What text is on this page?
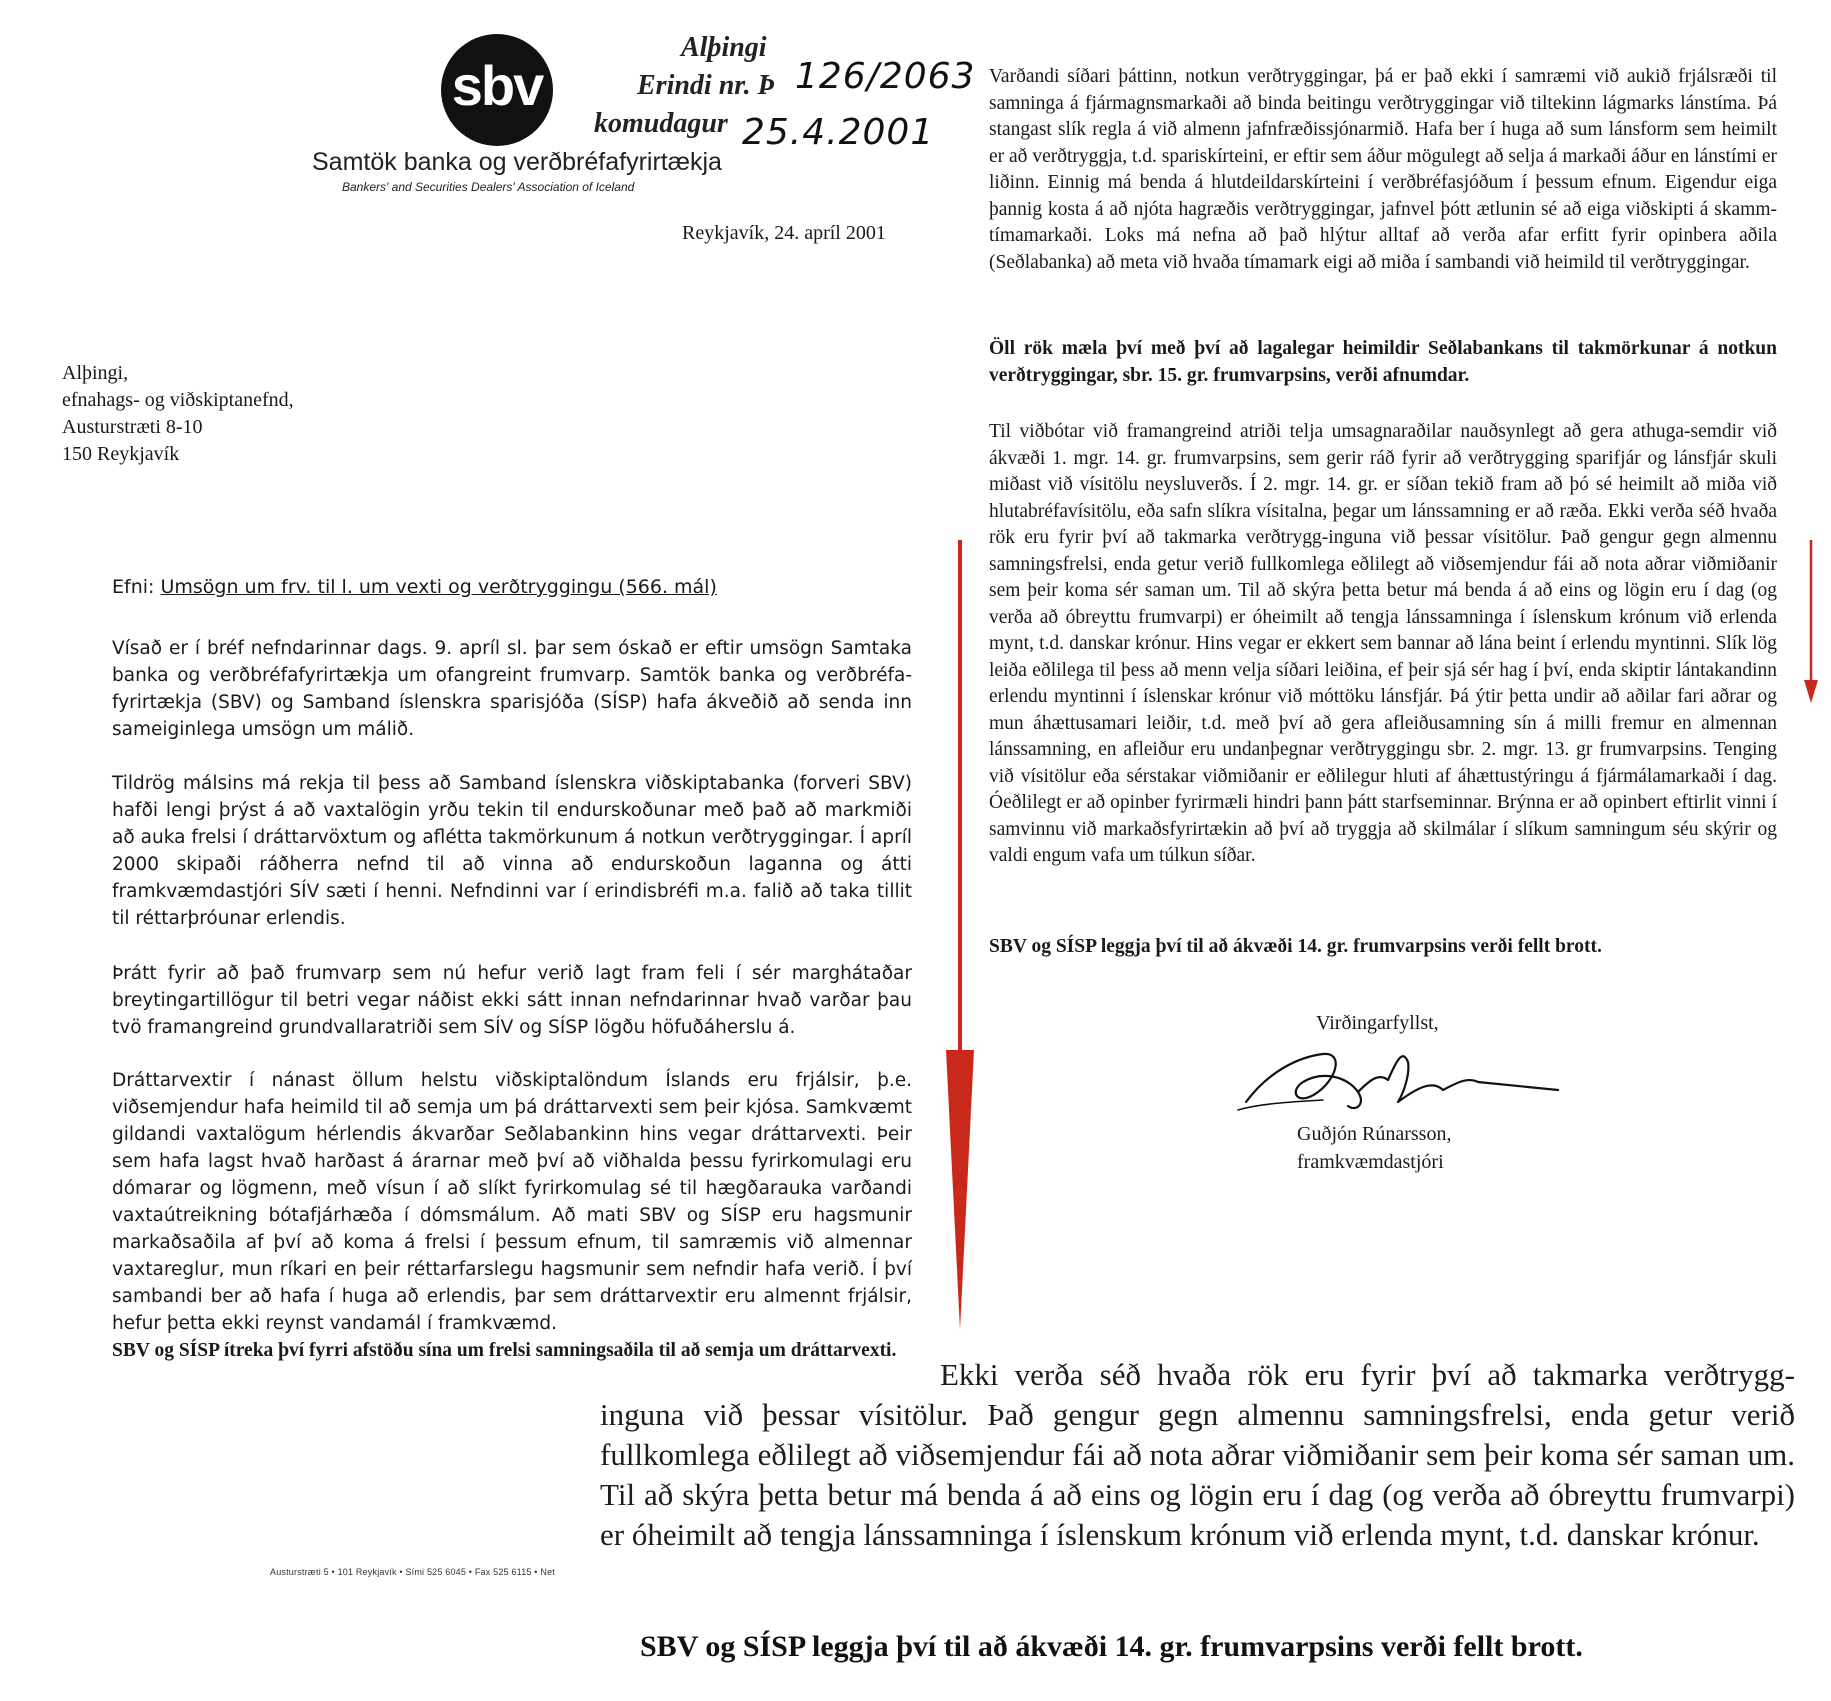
sbv
Samtök banka og verðbréfafyrirtækja
Bankers' and Securities Dealers' Association of Iceland
Alþingi
Erindi nr. Þ
komudagur
126/2063
25.4.2001
Reykjavík, 24. apríl 2001
Alþingi,
efnahags- og viðskiptanefnd,
Austurstræti 8-10
150 Reykjavík
Efni: Umsögn um frv. til l. um vexti og verðtryggingu (566. mál)

Vísað er í bréf nefndarinnar dags. 9. apríl sl. þar sem óskað er eftir umsögn Samtaka banka og verðbréfafyrirtækja um ofangreint frumvarp. Samtök banka og verðbréfa-fyrirtækja (SBV) og Samband íslenskra sparisjóða (SÍSP) hafa ákveðið að senda inn sameiginlega umsögn um málið.

Tildrög málsins má rekja til þess að Samband íslenskra viðskiptabanka (forveri SBV) hafði lengi þrýst á að vaxtalögin yrðu tekin til endurskoðunar með það að markmiði að auka frelsi í dráttarvöxtum og aflétta takmörkunum á notkun verðtryggingar. Í apríl 2000 skipaði ráðherra nefnd til að vinna að endurskoðun laganna og átti framkvæmdastjóri SÍV sæti í henni. Nefndinni var í erindisbréfi m.a. falið að taka tillit til réttarþróunar erlendis.

Þrátt fyrir að það frumvarp sem nú hefur verið lagt fram feli í sér marghátaðar breytingartillögur til betri vegar náðist ekki sátt innan nefndarinnar hvað varðar þau tvö framangreind grundvallaratriði sem SÍV og SÍSP lögðu höfuðáherslu á.

Dráttarvextir í nánast öllum helstu viðskiptalöndum Íslands eru frjálsir, þ.e. viðsemjendur hafa heimild til að semja um þá dráttarvexti sem þeir kjósa. Samkvæmt gildandi vaxtalögum hérlendis ákvarðar Seðlabankinn hins vegar dráttarvexti. Þeir sem hafa lagst hvað harðast á árarnar með því að viðhalda þessu fyrirkomulagi eru dómarar og lögmenn, með vísun í að slíkt fyrirkomulag sé til hægðarauka varðandi vaxtaútreikning bótafjárhæða í dómsmálum. Að mati SBV og SÍSP eru hagsmunir markaðsaðila af því að koma á frelsi í þessum efnum, til samræmis við almennar vaxtareglur, mun ríkari en þeir réttarfarslegu hagsmunir sem nefndir hafa verið. Í því sambandi ber að hafa í huga að erlendis, þar sem dráttarvextir eru almennt frjálsir, hefur þetta ekki reynst vandamál í framkvæmd.

SBV og SÍSP ítreka því fyrri afstöðu sína um frelsi samningsaðila til að semja um dráttarvexti.

Varðandi síðari þáttinn, notkun verðtryggingar, þá er það ekki í samræmi við aukið frjálsræði til samninga á fjármagnsmarkaði að binda beitingu verðtryggingar við tiltekinn lágmarks lánstíma. Þá stangast slík regla á við almenn jafnfræðissjónarmið. Hafa ber í huga að sum lánsform sem heimilt er að verðtryggja, t.d. spariskírteini, er eftir sem áður mögulegt að selja á markaði áður en lánstími er liðinn. Einnig má benda á hlutdeildarskírteini í verðbréfasjóðum í þessum efnum. Eigendur eiga þannig kosta á að njóta hagræðis verðtryggingar, jafnvel þótt ætlunin sé að eiga viðskipti á skamm-tímamarkaði. Loks má nefna að það hlýtur alltaf að verða afar erfitt fyrir opinbera aðila (Seðlabanka) að meta við hvaða tímamark eigi að miða í sambandi við heimild til verðtryggingar.

Öll rök mæla því með því að lagalegar heimildir Seðlabankans til takmörkunar á notkun verðtryggingar, sbr. 15. gr. frumvarpsins, verði afnumdar.

Til viðbótar við framangreind atriði telja umsagnaraðilar nauðsynlegt að gera athuga-semdir við ákvæði 1. mgr. 14. gr. frumvarpsins, sem gerir ráð fyrir að verðtrygging sparifjár og lánsfjár skuli miðast við vísitölu neysluverðs. Í 2. mgr. 14. gr. er síðan tekið fram að þó sé heimilt að miða við hlutabréfavísitölu, eða safn slíkra vísitalna, þegar um lánssamning er að ræða. Ekki verða séð hvaða rök eru fyrir því að takmarka verðtrygg-inguna við þessar vísitölur. Það gengur gegn almennu samningsfrelsi, enda getur verið fullkomlega eðlilegt að viðsemjendur fái að nota aðrar viðmiðanir sem þeir koma sér saman um. Til að skýra þetta betur má benda á að eins og lögin eru í dag (og verða að óbreyttu frumvarpi) er óheimilt að tengja lánssamninga í íslenskum krónum við erlenda mynt, t.d. danskar krónur. Hins vegar er ekkert sem bannar að lána beint í erlendu myntinni. Slík lög leiða eðlilega til þess að menn velja síðari leiðina, ef þeir sjá sér hag í því, enda skiptir lántakandinn erlendu myntinni í íslenskar krónur við móttöku lánsfjár. Þá ýtir þetta undir að aðilar fari aðrar og mun áhættusamari leiðir, t.d. með því að gera afleiðusamning sín á milli fremur en almennan lánssamning, en afleiður eru undanþegnar verðtryggingu sbr. 2. mgr. 13. gr frumvarpsins. Tenging við vísitölur eða sérstakar viðmiðanir er eðlilegur hluti af áhættustýringu á fjármálamarkaði í dag. Óeðlilegt er að opinber fyrirmæli hindri þann þátt starfseminnar. Brýnna er að opinbert eftirlit vinni í samvinnu við markaðsfyrirtækin að því að tryggja að skilmálar í slíkum samningum séu skýrir og valdi engum vafa um túlkun síðar.

SBV og SÍSP leggja því til að ákvæði 14. gr. frumvarpsins verði fellt brott.

Virðingarfyllst,
Guðjón Rúnarsson,
framkvæmdastjóri
Austurstræti 5 • 101 Reykjavík • Sími 525 6045 • Fax 525 6115 • Net
Ekki verða séð hvaða rök eru fyrir því að takmarka verðtrygg-inguna við þessar vísitölur. Það gengur gegn almennu samningsfrelsi, enda getur verið fullkomlega eðlilegt að viðsemjendur fái að nota aðrar viðmiðanir sem þeir koma sér saman um. Til að skýra þetta betur má benda á að eins og lögin eru í dag (og verða að óbreyttu frumvarpi) er óheimilt að tengja lánssamninga í íslenskum krónum við erlenda mynt, t.d. danskar krónur.
SBV og SÍSP leggja því til að ákvæði 14. gr. frumvarpsins verði fellt brott.
